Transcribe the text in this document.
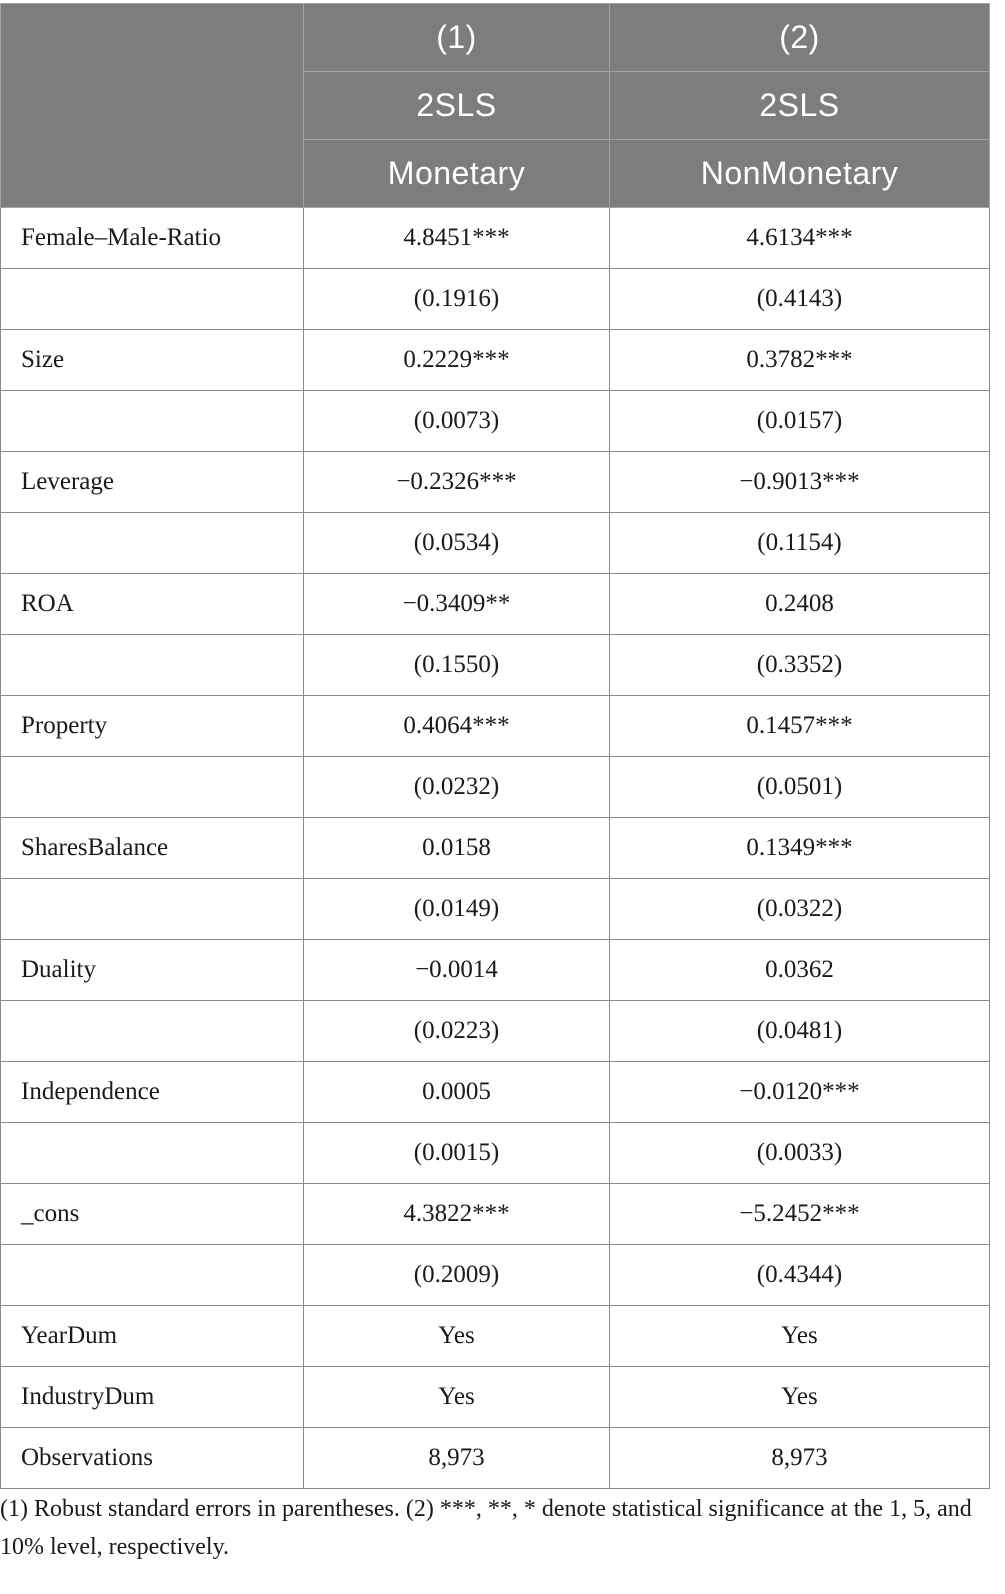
	(1)	(2)
	2SLS	2SLS
	Monetary	NonMonetary
Female–Male-Ratio	4.8451***	4.6134***
	(0.1916)	(0.4143)
Size	0.2229***	0.3782***
	(0.0073)	(0.0157)
Leverage	−0.2326***	−0.9013***
	(0.0534)	(0.1154)
ROA	−0.3409**	0.2408
	(0.1550)	(0.3352)
Property	0.4064***	0.1457***
	(0.0232)	(0.0501)
SharesBalance	0.0158	0.1349***
	(0.0149)	(0.0322)
Duality	−0.0014	0.0362
	(0.0223)	(0.0481)
Independence	0.0005	−0.0120***
	(0.0015)	(0.0033)
_cons	4.3822***	−5.2452***
	(0.2009)	(0.4344)
YearDum	Yes	Yes
IndustryDum	Yes	Yes
Observations	8,973	8,973
(1) Robust standard errors in parentheses. (2) ***, **, * denote statistical significance at the 1, 5, and 10% level, respectively.
